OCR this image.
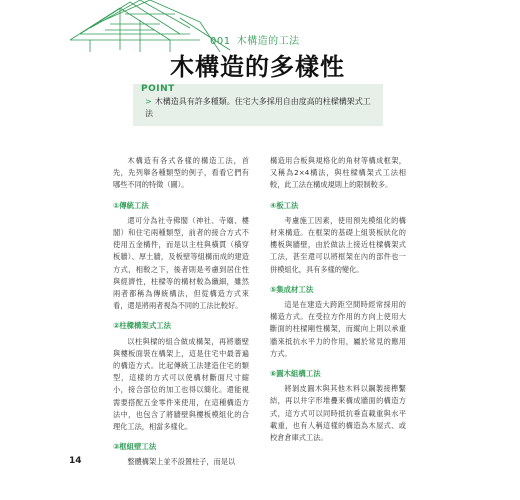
001 木構造的工法
木構造的多樣性
POINT
> 木構造具有許多種類。住宅大多採用自由度高的柱樑構架式工法

木構造有各式各樣的構造工法，首先，先列舉各種類型的例子，看看它們有哪些不同的特徵（圖）。

①傳統工法

還可分為社寺佛閣（神社、寺廟、樓閣）和住宅兩種類型，前者的接合方式不使用五金構件，而是以主柱與橫貫（橫穿板牆）、厚土牆，及板壁等組構而成的建造方式，相較之下，後者則是考慮到居住性與經濟性，柱樑等的構材較為纖細，雖然兩者都稱為傳統構法，但從構造方式來看，還是將兩者視為不同的工法比較好。

②柱樑構架式工法

以柱與樑的組合做成構架，再將牆壁與樓板面裝在構架上，這是住宅中最普遍的構造方式。比起傳統工法建造住宅的類型，這樣的方式可以使構材斷面尺寸縮小，接合部位的加工也得以簡化。還能視需要搭配五金零件來使用，在這種構造方法中，也包含了將牆壁與樓板模組化的合理化工法，相當多樣化。

③框組壁工法

整體構架上並不設置柱子，而是以

構造用合板與規格化的角材等構成框架，又稱為2×4構法，與柱樑構架式工法相較，此工法在構成規則上的限制較多。

④板工法

考慮施工因素，使用預先模組化的構材來構造。在框架的基礎上組裝板狀化的樓板與牆壁，由於做法上接近柱樑構架式工法，甚至還可以將框架在內的部件也一併模組化，具有多樣的變化。

⑤集成材工法

這是在建造大跨距空間時經常採用的構造方式。在受拉方作用的方向上使用大斷面的柱樑剛性構架，而縱向上則以承重牆來抵抗水平力的作用，屬於常見的應用方式。

⑥圓木組構工法

將剝皮圓木與其他木料以鋼製接榫繫結，再以井字形堆疊來構成牆面的構造方式，這方式可以同時抵抗垂直載重與水平載重，也有人稱這樣的構造為木屋式、或校倉倉庫式工法。

14
